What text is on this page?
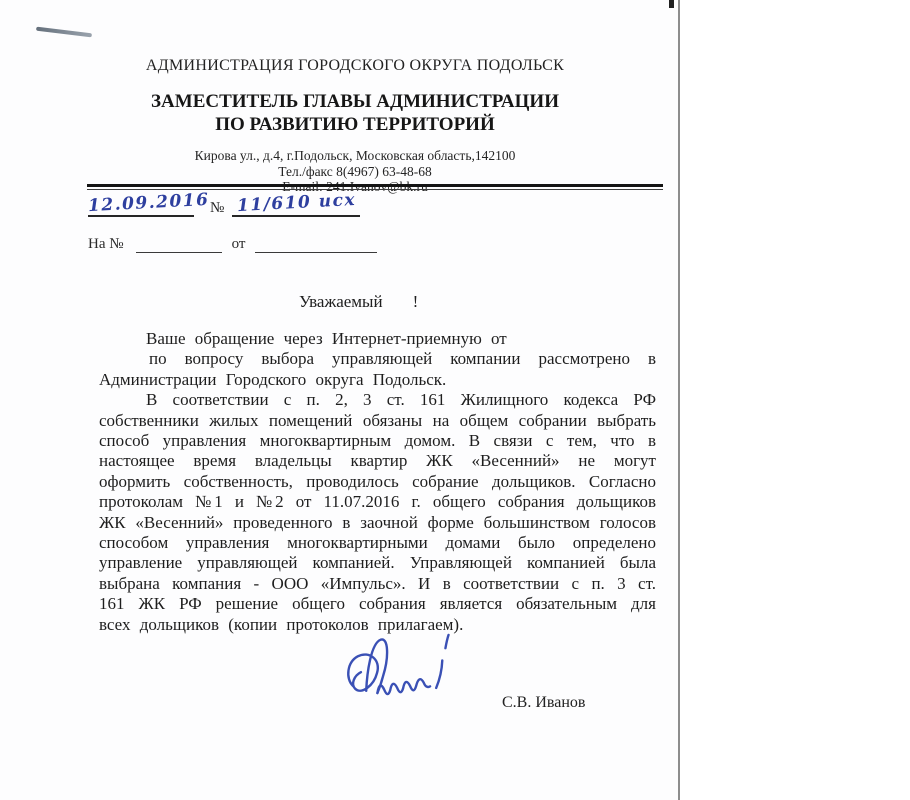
АДМИНИСТРАЦИЯ ГОРОДСКОГО ОКРУГА ПОДОЛЬСК
ЗАМЕСТИТЕЛЬ ГЛАВЫ АДМИНИСТРАЦИИ
ПО РАЗВИТИЮ ТЕРРИТОРИЙ
Кирова ул., д.4, г.Подольск, Московская область,142100
Тел./факс 8(4967) 63-48-68
E-mail: 241.Ivanov@bk.ru
12.09.2016№ 11/610 исх
На №	от
Уважаемый !
Ваше обращение через Интернет-приемную от
по вопросу выбора управляющей компании рассмотрено в
Администрации Городского округа Подольск.

В соответствии с п. 2, 3 ст. 161 Жилищного кодекса РФ собственники жилых помещений обязаны на общем собрании выбрать способ управления многоквартирным домом. В связи с тем, что в настоящее время владельцы квартир ЖК «Весенний» не могут оформить собственность, проводилось собрание дольщиков. Согласно протоколам №1 и №2 от 11.07.2016 г. общего собрания дольщиков ЖК «Весенний» проведенного в заочной форме большинством голосов способом управления многоквартирными домами было определено управление управляющей компанией. Управляющей компанией была выбрана компания - ООО «Импульс». И в соответствии с п. 3 ст. 161 ЖК РФ решение общего собрания является обязательным для всех дольщиков (копии протоколов прилагаем).

С.В. Иванов
